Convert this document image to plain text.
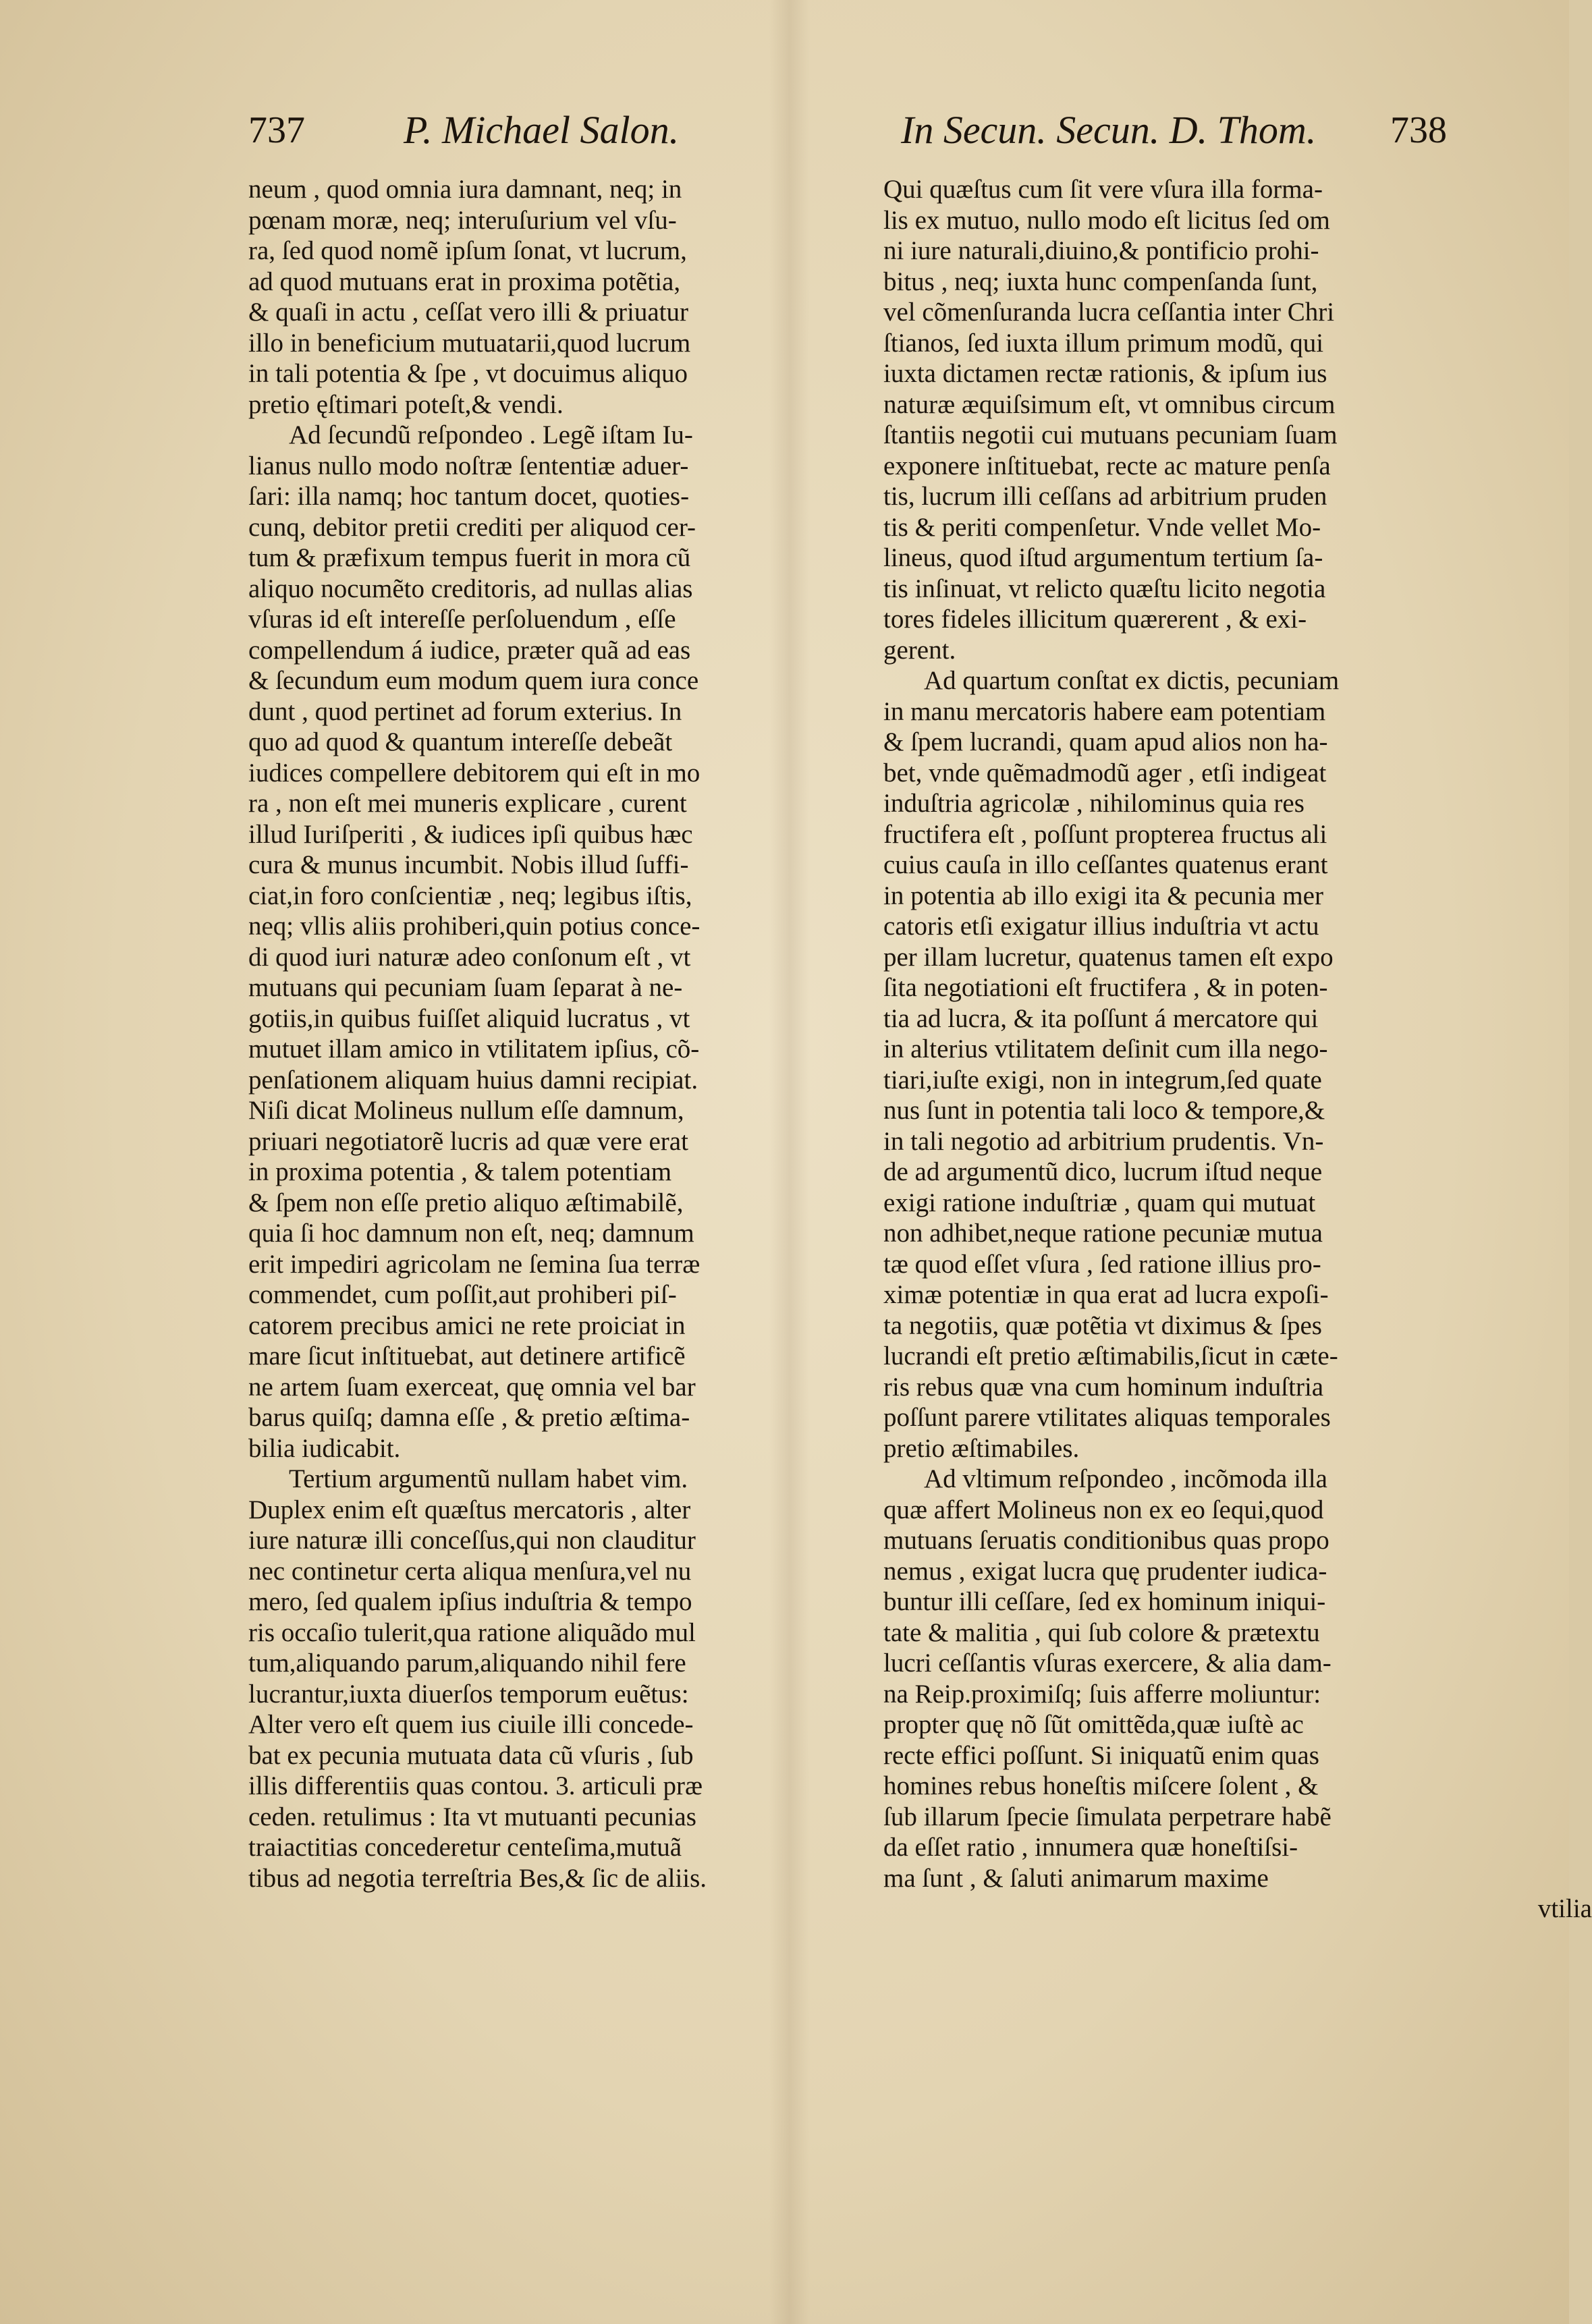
737	P. Michael Salon.	In Secun. Secun. D. Thom. 738
neum , quod omnia iura damnant, neq; in
pœnam moræ, neq; interuſurium vel vſu-
ra, ſed quod nomẽ ipſum ſonat, vt lucrum,
ad quod mutuans erat in proxima potẽtia,
& quaſi in actu , ceſſat vero illi & priuatur
illo in beneficium mutuatarii,quod lucrum
in tali potentia & ſpe , vt docuimus aliquo
pretio ęſtimari poteſt,& vendi.
Ad ſecundũ reſpondeo . Legẽ iſtam Iu-
lianus nullo modo noſtræ ſententiæ aduer-
ſari: illa namq; hoc tantum docet, quoties-
cunq, debitor pretii crediti per aliquod cer-
tum & præfixum tempus fuerit in mora cũ
aliquo nocumẽto creditoris, ad nullas alias
vſuras id eſt intereſſe perſoluendum , eſſe
compellendum á iudice, præter quã ad eas
& ſecundum eum modum quem iura conce
dunt , quod pertinet ad forum exterius. In
quo ad quod & quantum intereſſe debeãt
iudices compellere debitorem qui eſt in mo
ra , non eſt mei muneris explicare , curent
illud Iuriſperiti , & iudices ipſi quibus hæc
cura & munus incumbit. Nobis illud ſuffi-
ciat,in foro conſcientiæ , neq; legibus iſtis,
neq; vllis aliis prohiberi,quin potius conce-
di quod iuri naturæ adeo conſonum eſt , vt
mutuans qui pecuniam ſuam ſeparat à ne-
gotiis,in quibus fuiſſet aliquid lucratus , vt
mutuet illam amico in vtilitatem ipſius, cõ-
penſationem aliquam huius damni recipiat.
Niſi dicat Molineus nullum eſſe damnum,
priuari negotiatorẽ lucris ad quæ vere erat
in proxima potentia , & talem potentiam
& ſpem non eſſe pretio aliquo æſtimabilẽ,
quia ſi hoc damnum non eſt, neq; damnum
erit impediri agricolam ne ſemina ſua terræ
commendet, cum poſſit,aut prohiberi piſ-
catorem precibus amici ne rete proiciat in
mare ſicut inſtituebat, aut detinere artificẽ
ne artem ſuam exerceat, quę omnia vel bar
barus quiſq; damna eſſe , & pretio æſtima-
bilia iudicabit.
Tertium argumentũ nullam habet vim.
Duplex enim eſt quæſtus mercatoris , alter
iure naturæ illi conceſſus,qui non clauditur
nec continetur certa aliqua menſura,vel nu
mero, ſed qualem ipſius induſtria & tempo
ris occaſio tulerit,qua ratione aliquãdo mul
tum,aliquando parum,aliquando nihil fere
lucrantur,iuxta diuerſos temporum euẽtus:
Alter vero eſt quem ius ciuile illi concede-
bat ex pecunia mutuata data cũ vſuris , ſub
illis differentiis quas contou. 3. articuli præ
ceden. retulimus : Ita vt mutuanti pecunias
traiactitias concederetur centeſima,mutuã
tibus ad negotia terreſtria Bes,& ſic de aliis.
Qui quæſtus cum ſit vere vſura illa forma-
lis ex mutuo, nullo modo eſt licitus ſed om
ni iure naturali,diuino,& pontificio prohi-
bitus , neq; iuxta hunc compenſanda ſunt,
vel cõmenſuranda lucra ceſſantia inter Chri
ſtianos, ſed iuxta illum primum modũ, qui
iuxta dictamen rectæ rationis, & ipſum ius
naturæ æquiſsimum eſt, vt omnibus circum
ſtantiis negotii cui mutuans pecuniam ſuam
exponere inſtituebat, recte ac mature penſa
tis, lucrum illi ceſſans ad arbitrium pruden
tis & periti compenſetur. Vnde vellet Mo-
lineus, quod iſtud argumentum tertium ſa-
tis inſinuat, vt relicto quæſtu licito negotia
tores fideles illicitum quærerent , & exi-
gerent.
Ad quartum conſtat ex dictis, pecuniam
in manu mercatoris habere eam potentiam
& ſpem lucrandi, quam apud alios non ha-
bet, vnde quẽmadmodũ ager , etſi indigeat
induſtria agricolæ , nihilominus quia res
fructifera eſt , poſſunt propterea fructus ali
cuius cauſa in illo ceſſantes quatenus erant
in potentia ab illo exigi ita & pecunia mer
catoris etſi exigatur illius induſtria vt actu
per illam lucretur, quatenus tamen eſt expo
ſita negotiationi eſt fructifera , & in poten-
tia ad lucra, & ita poſſunt á mercatore qui
in alterius vtilitatem deſinit cum illa nego-
tiari,iuſte exigi, non in integrum,ſed quate
nus ſunt in potentia tali loco & tempore,&
in tali negotio ad arbitrium prudentis. Vn-
de ad argumentũ dico, lucrum iſtud neque
exigi ratione induſtriæ , quam qui mutuat
non adhibet,neque ratione pecuniæ mutua
tæ quod eſſet vſura , ſed ratione illius pro-
ximæ potentiæ in qua erat ad lucra expoſi-
ta negotiis, quæ potẽtia vt diximus & ſpes
lucrandi eſt pretio æſtimabilis,ſicut in cæte-
ris rebus quæ vna cum hominum induſtria
poſſunt parere vtilitates aliquas temporales
pretio æſtimabiles.
Ad vltimum reſpondeo , incõmoda illa
quæ affert Molineus non ex eo ſequi,quod
mutuans ſeruatis conditionibus quas propo
nemus , exigat lucra quę prudenter iudica-
buntur illi ceſſare, ſed ex hominum iniqui-
tate & malitia , qui ſub colore & prætextu
lucri ceſſantis vſuras exercere, & alia dam-
na Reip.proximiſq; ſuis afferre moliuntur:
propter quę nõ ſũt omittẽda,quæ iuſtè ac
recte effici poſſunt. Si iniquatũ enim quas
homines rebus honeſtis miſcere ſolent , &
ſub illarum ſpecie ſimulata perpetrare habẽ
da eſſet ratio , innumera quæ honeſtiſsi-
ma ſunt , & ſaluti animarum maxime
vtilia
